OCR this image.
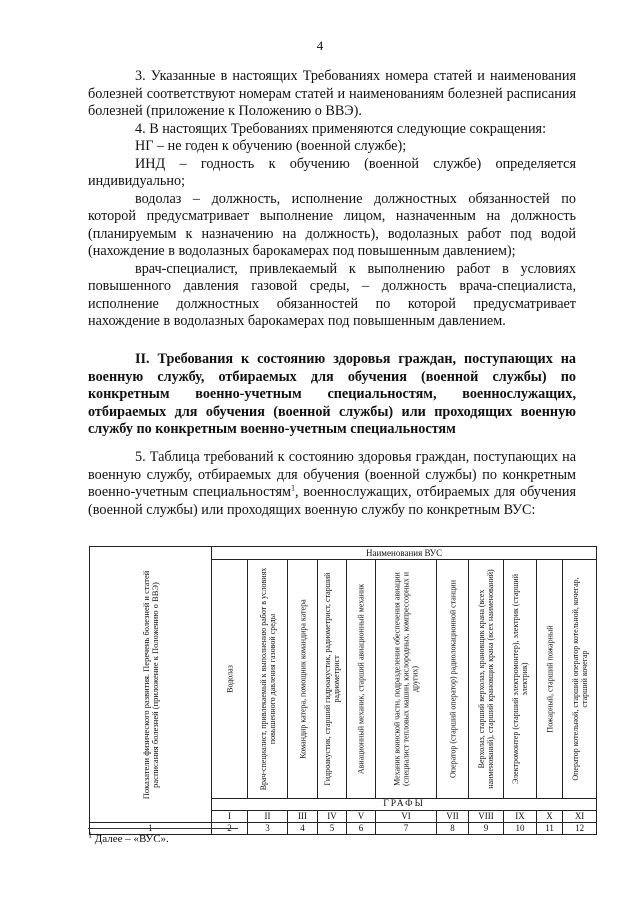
4

3. Указанные в настоящих Требованиях номера статей и наименования болезней соответствуют номерам статей и наименованиям болезней расписания болезней (приложение к Положению о ВВЭ).

4. В настоящих Требованиях применяются следующие сокращения:

НГ – не годен к обучению (военной службе);

ИНД – годность к обучению (военной службе) определяется индивидуально;

водолаз – должность, исполнение должностных обязанностей по которой предусматривает выполнение лицом, назначенным на должность (планируемым к назначению на должность), водолазных работ под водой (нахождение в водолазных барокамерах под повышенным давлением);

врач-специалист, привлекаемый к выполнению работ в условиях повышенного давления газовой среды, – должность врача-специалиста, исполнение должностных обязанностей по которой предусматривает нахождение в водолазных барокамерах под повышенным давлением.

II. Требования к состоянию здоровья граждан, поступающих на военную службу, отбираемых для обучения (военной службы) по конкретным военно-учетным специальностям, военнослужащих, отбираемых для обучения (военной службы) или проходящих военную службу по конкретным военно-учетным специальностям

5. Таблица требований к состоянию здоровья граждан, поступающих на военную службу, отбираемых для обучения (военной службы) по конкретным военно-учетным специальностям$^1$, военнослужащих, отбираемых для обучения (военной службы) или проходящих военную службу по конкретным ВУС:

Показатели физического развития. Перечень болезней и статей расписания болезней (приложение к Положению о ВВЭ)	Наименования ВУС										

	Водолаз	Врач-специалист, привлекаемый к выполнению работ в условиях повышенного давления газовой среды	Командир катера, помощник командира катера	Гидроакустик, старший гидроакустик, радиометрист, старший радиометрист	Авиационный механик, старший авиационный механик	Механик воинской части, подразделения обеспечения авиации (специалист тепловых машин, кислородных, компрессорных и других)	Оператор (старший оператор) радиолокационной станции	Верхолаз, старший верхолаз, крановщик крана (всех наименований), старший крановщик крана (всех наименований)	Электромонтер (старший электромонтер), электрик (старший электрик)	Пожарный, старший пожарный	Оператор котельной, старший оператор котельной, кочегар, старший кочегар

	ГРАФЫ										
	I	II	III	IV	V	VI	VII	VIII	IX	X	XI
1	2	3	4	5	6	7	8	9	10	11	12
$^1$ Далее – «ВУС».
